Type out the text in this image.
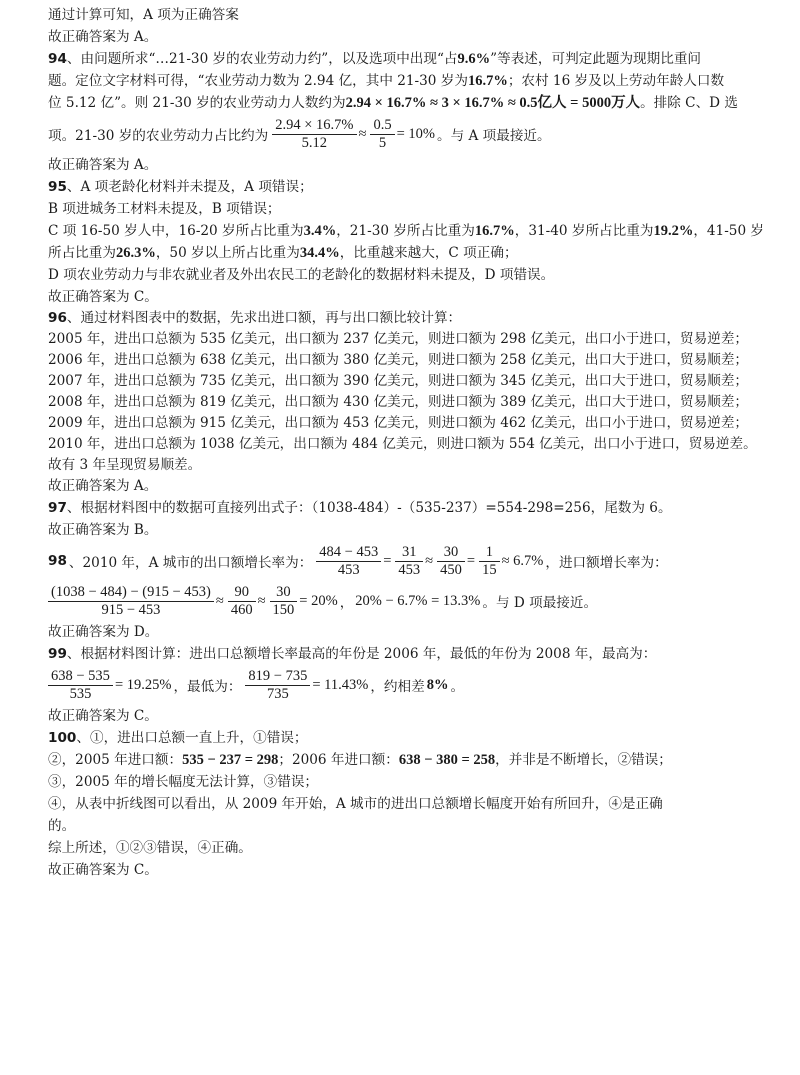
通过计算可知，A 项为正确答案
故正确答案为 A。
94、由问题所求“…21-30 岁的农业劳动力约”，以及选项中出现“占9.6%”等表述，可判定此题为现期比重问
题。定位文字材料可得，“农业劳动力数为 2.94 亿，其中 21-30 岁为16.7%；农村 16 岁及以上劳动年龄人口数
位 5.12 亿”。则 21-30 岁的农业劳动力人数约为2.94 × 16.7% ≈ 3 × 16.7% ≈ 0.5亿人 = 5000万人。排除 C、D 选
项。21-30 岁的农业劳动力占比约为 $\frac{2.94 \times 16.7\%}{5.12} \approx \frac{0.5}{5} = 10\%$ 。与 A 项最接近。
故正确答案为 A。
95、A 项老龄化材料并未提及，A 项错误；
B 项进城务工材料未提及，B 项错误；
C 项 16-50 岁人中，16-20 岁所占比重为3.4%，21-30 岁所占比重为16.7%，31-40 岁所占比重为19.2%，41-50 岁
所占比重为26.3%，50 岁以上所占比重为34.4%，比重越来越大，C 项正确；
D 项农业劳动力与非农就业者及外出农民工的老龄化的数据材料未提及，D 项错误。
故正确答案为 C。
96、通过材料图表中的数据，先求出进口额，再与出口额比较计算：
2005 年，进出口总额为 535 亿美元，出口额为 237 亿美元，则进口额为 298 亿美元，出口小于进口，贸易逆差；
2006 年，进出口总额为 638 亿美元，出口额为 380 亿美元，则进口额为 258 亿美元，出口大于进口，贸易顺差；
2007 年，进出口总额为 735 亿美元，出口额为 390 亿美元，则进口额为 345 亿美元，出口大于进口，贸易顺差；
2008 年，进出口总额为 819 亿美元，出口额为 430 亿美元，则进口额为 389 亿美元，出口大于进口，贸易顺差；
2009 年，进出口总额为 915 亿美元，出口额为 453 亿美元，则进口额为 462 亿美元，出口小于进口，贸易逆差；
2010 年，进出口总额为 1038 亿美元，出口额为 484 亿美元，则进口额为 554 亿美元，出口小于进口，贸易逆差。
故有 3 年呈现贸易顺差。
故正确答案为 A。
97、根据材料图中的数据可直接列出式子：（1038-484）-（535-237）=554-298=256，尾数为 6。
故正确答案为 B。
98 、2010 年，A 城市的出口额增长率为： $\frac{484 - 453}{453} = \frac{31}{453} \approx \frac{30}{450} = \frac{1}{15} \approx 6.7\%$ ，进口额增长率为：
$\frac{(1038 - 484) - (915 - 453)}{915 - 453} \approx \frac{90}{460} \approx \frac{30}{150} = 20\%$ ， 20% − 6.7% = 13.3% 。与 D 项最接近。
故正确答案为 D。
99、根据材料图计算：进出口总额增长率最高的年份是 2006 年，最低的年份为 2008 年，最高为：
$\frac{638 - 535}{535} = 19.25\%$ ，最低为： $\frac{819 - 735}{735} = 11.43\%$ ，约相差 8% 。
故正确答案为 C。
100、①，进出口总额一直上升，①错误；
②，2005 年进口额：535 − 237 = 298；2006 年进口额：638 − 380 = 258，并非是不断增长，②错误；
③，2005 年的增长幅度无法计算，③错误；
④，从表中折线图可以看出，从 2009 年开始，A 城市的进出口总额增长幅度开始有所回升，④是正确
的。
综上所述，①②③错误，④正确。
故正确答案为 C。
